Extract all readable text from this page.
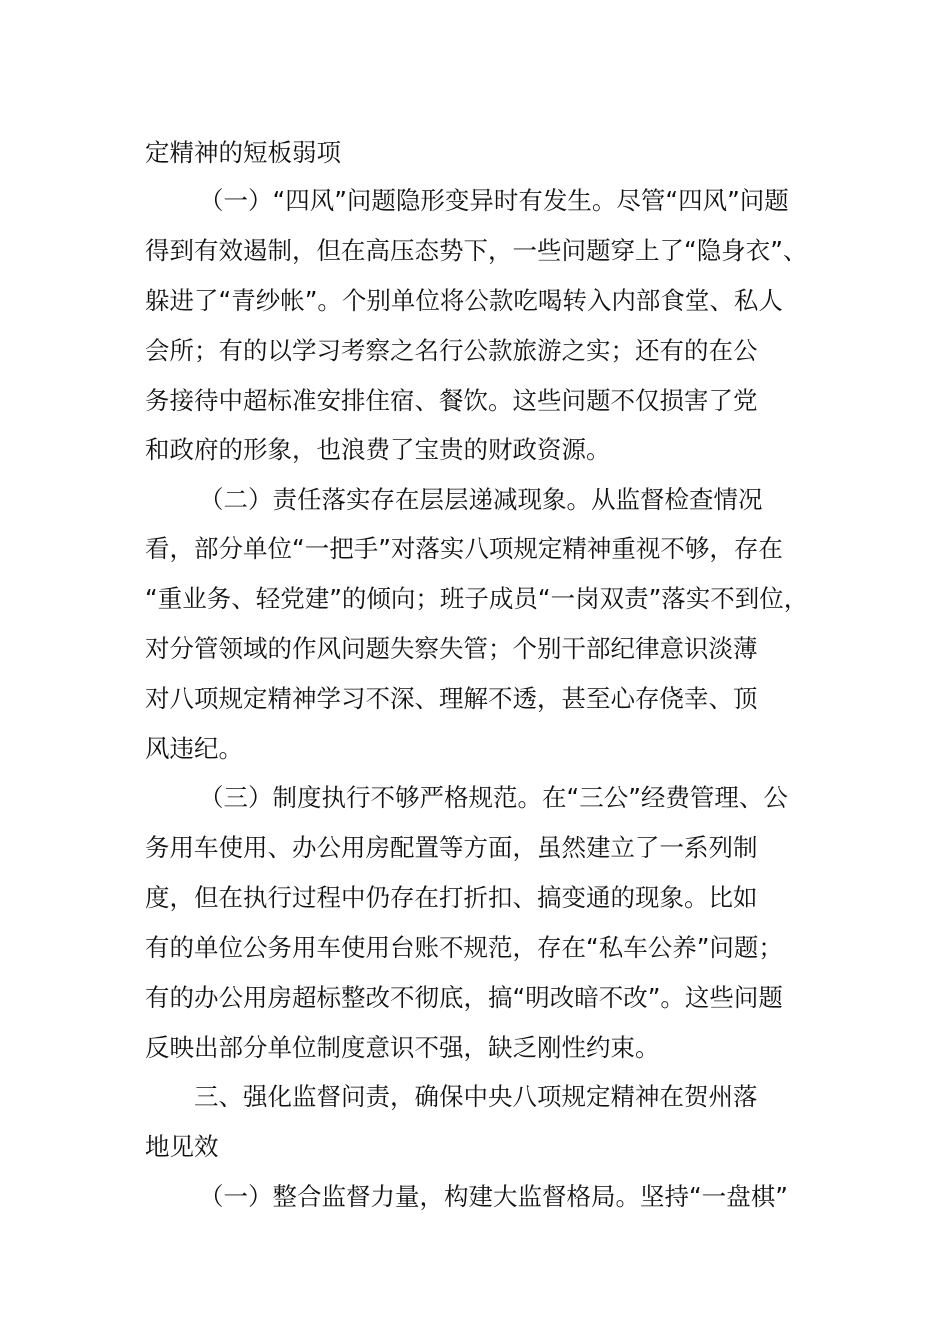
定精神的短板弱项
（一）“四风”问题隐形变异时有发生。尽管“四风”问题
得到有效遏制，但在高压态势下，一些问题穿上了“隐身衣”、
躲进了“青纱帐”。个别单位将公款吃喝转入内部食堂、私人
会所；有的以学习考察之名行公款旅游之实；还有的在公
务接待中超标准安排住宿、餐饮。这些问题不仅损害了党
和政府的形象，也浪费了宝贵的财政资源。
（二）责任落实存在层层递减现象。从监督检查情况
看，部分单位“一把手”对落实八项规定精神重视不够，存在
“重业务、轻党建”的倾向；班子成员“一岗双责”落实不到位，
对分管领域的作风问题失察失管；个别干部纪律意识淡薄
对八项规定精神学习不深、理解不透，甚至心存侥幸、顶
风违纪。
（三）制度执行不够严格规范。在“三公”经费管理、公
务用车使用、办公用房配置等方面，虽然建立了一系列制
度，但在执行过程中仍存在打折扣、搞变通的现象。比如
有的单位公务用车使用台账不规范，存在“私车公养”问题；
有的办公用房超标整改不彻底，搞“明改暗不改”。这些问题
反映出部分单位制度意识不强，缺乏刚性约束。
三、强化监督问责，确保中央八项规定精神在贺州落
地见效
（一）整合监督力量，构建大监督格局。坚持“一盘棋”
